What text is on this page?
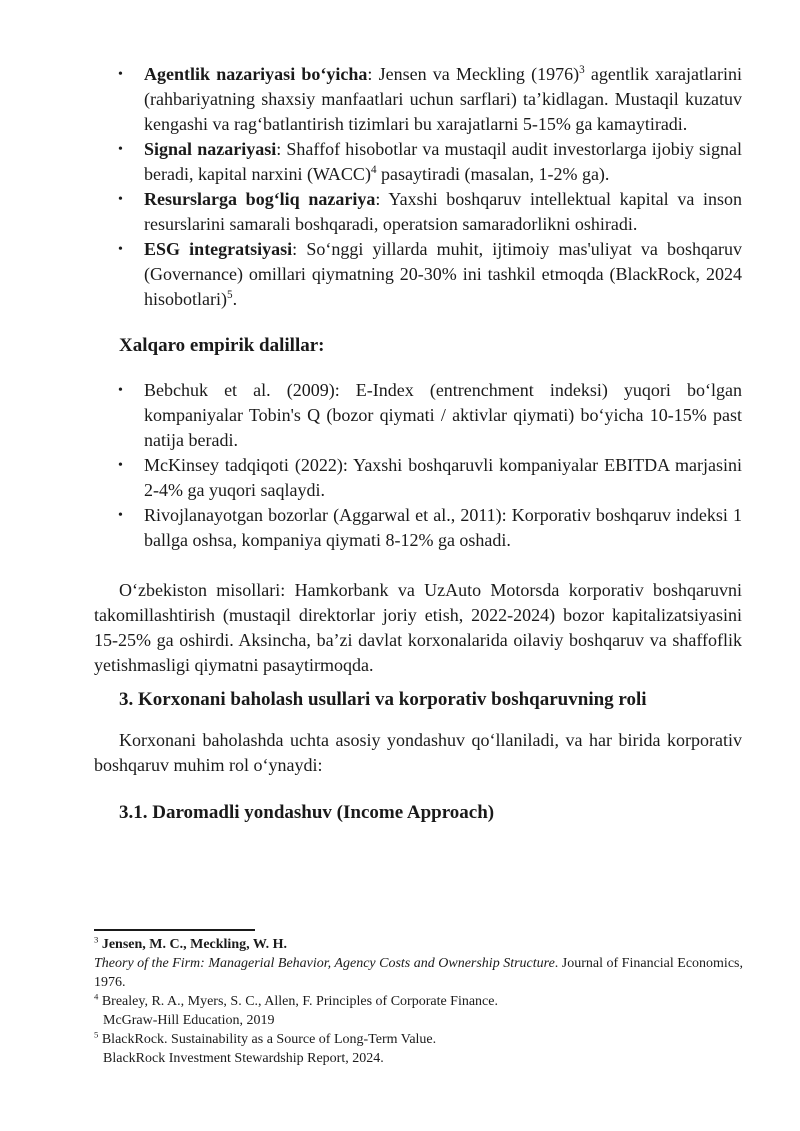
• Agentlik nazariyasi boʻyicha: Jensen va Meckling $(1976)^3$ agentlik xarajatlarini (rahbariyatning shaxsiy manfaatlari uchun sarflari) taʼkidlagan. Mustaqil kuzatuv kengashi va ragʻbatlantirish tizimlari bu xarajatlarni 5-15% ga kamaytiradi.
• Signal nazariyasi: Shaffof hisobotlar va mustaqil audit investorlarga ijobiy signal beradi, kapital narxini (WACC)$^4$ pasaytiradi (masalan, 1-2% ga).
• Resurslarga bogʻliq nazariya: Yaxshi boshqaruv intellektual kapital va inson resurslarini samarali boshqaradi, operatsion samaradorlikni oshiradi.
• ESG integratsiyasi: Soʻnggi yillarda muhit, ijtimoiy mas'uliyat va boshqaruv (Governance) omillari qiymatning 20-30% ini tashkil etmoqda (BlackRock, 2024 hisobotlari)$^5$.
Xalqaro empirik dalillar:
• Bebchuk et al. (2009): E-Index (entrenchment indeksi) yuqori boʻlgan kompaniyalar Tobin's Q (bozor qiymati / aktivlar qiymati) boʻyicha 10-15% past natija beradi.
• McKinsey tadqiqoti (2022): Yaxshi boshqaruvli kompaniyalar EBITDA marjasini 2-4% ga yuqori saqlaydi.
• Rivojlanayotgan bozorlar (Aggarwal et al., 2011): Korporativ boshqaruv indeksi 1 ballga oshsa, kompaniya qiymati 8-12% ga oshadi.

Oʻzbekiston misollari: Hamkorbank va UzAuto Motorsda korporativ boshqaruvni takomillashtirish (mustaqil direktorlar joriy etish, 2022-2024) bozor kapitalizatsiyasini 15-25% ga oshirdi. Aksincha, baʼzi davlat korxonalarida oilaviy boshqaruv va shaffoflik yetishmasligi qiymatni pasaytirmoqda.

3. Korxonani baholash usullari va korporativ boshqaruvning roli

Korxonani baholashda uchta asosiy yondashuv qoʻllaniladi, va har birida korporativ boshqaruv muhim rol oʻynaydi:

3.1. Daromadli yondashuv (Income Approach)
$^3$ Jensen, M. C., Meckling, W. H.
Theory of the Firm: Managerial Behavior, Agency Costs and Ownership Structure. Journal of Financial Economics,
1976.
$^4$ Brealey, R. A., Myers, S. C., Allen, F. Principles of Corporate Finance.
McGraw-Hill Education, 2019
$^5$ BlackRock. Sustainability as a Source of Long-Term Value.
BlackRock Investment Stewardship Report, 2024.
